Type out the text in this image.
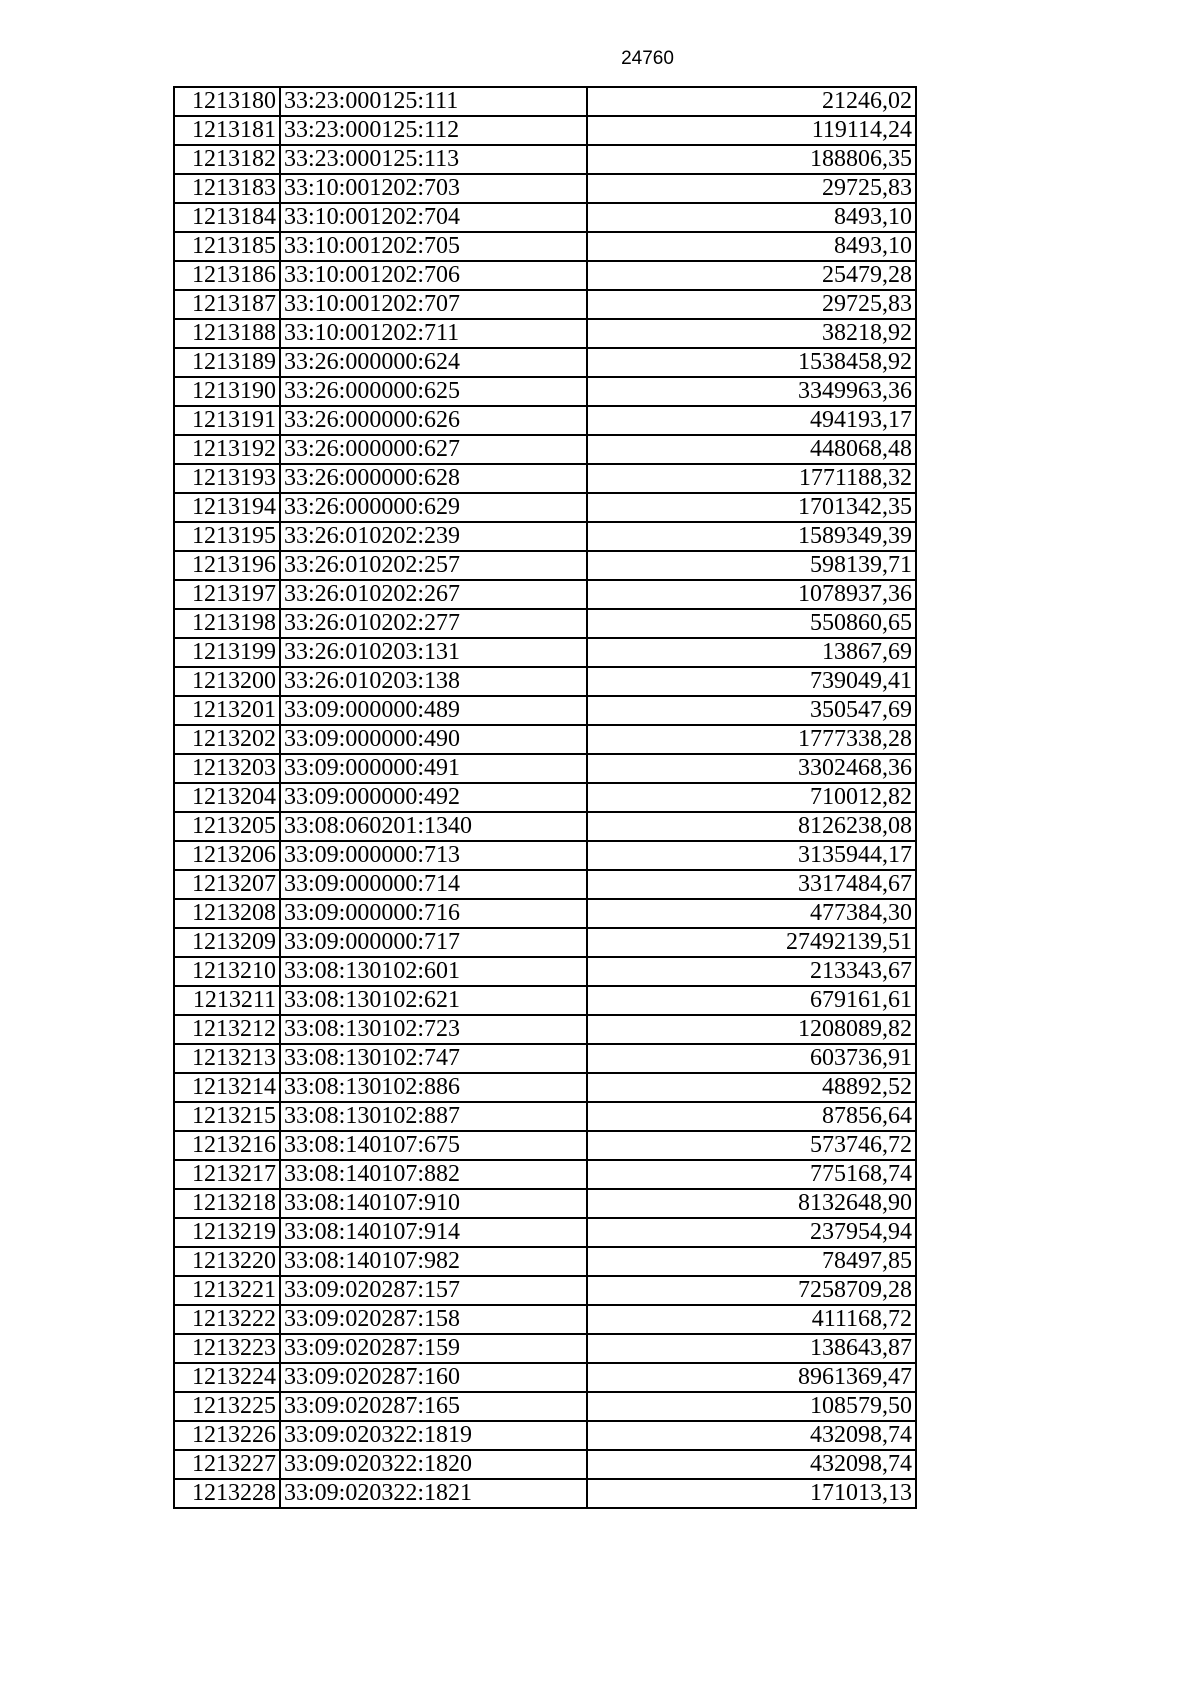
24760
1213180	33:23:000125:111	21246,02
1213181	33:23:000125:112	119114,24
1213182	33:23:000125:113	188806,35
1213183	33:10:001202:703	29725,83
1213184	33:10:001202:704	8493,10
1213185	33:10:001202:705	8493,10
1213186	33:10:001202:706	25479,28
1213187	33:10:001202:707	29725,83
1213188	33:10:001202:711	38218,92
1213189	33:26:000000:624	1538458,92
1213190	33:26:000000:625	3349963,36
1213191	33:26:000000:626	494193,17
1213192	33:26:000000:627	448068,48
1213193	33:26:000000:628	1771188,32
1213194	33:26:000000:629	1701342,35
1213195	33:26:010202:239	1589349,39
1213196	33:26:010202:257	598139,71
1213197	33:26:010202:267	1078937,36
1213198	33:26:010202:277	550860,65
1213199	33:26:010203:131	13867,69
1213200	33:26:010203:138	739049,41
1213201	33:09:000000:489	350547,69
1213202	33:09:000000:490	1777338,28
1213203	33:09:000000:491	3302468,36
1213204	33:09:000000:492	710012,82
1213205	33:08:060201:1340	8126238,08
1213206	33:09:000000:713	3135944,17
1213207	33:09:000000:714	3317484,67
1213208	33:09:000000:716	477384,30
1213209	33:09:000000:717	27492139,51
1213210	33:08:130102:601	213343,67
1213211	33:08:130102:621	679161,61
1213212	33:08:130102:723	1208089,82
1213213	33:08:130102:747	603736,91
1213214	33:08:130102:886	48892,52
1213215	33:08:130102:887	87856,64
1213216	33:08:140107:675	573746,72
1213217	33:08:140107:882	775168,74
1213218	33:08:140107:910	8132648,90
1213219	33:08:140107:914	237954,94
1213220	33:08:140107:982	78497,85
1213221	33:09:020287:157	7258709,28
1213222	33:09:020287:158	411168,72
1213223	33:09:020287:159	138643,87
1213224	33:09:020287:160	8961369,47
1213225	33:09:020287:165	108579,50
1213226	33:09:020322:1819	432098,74
1213227	33:09:020322:1820	432098,74
1213228	33:09:020322:1821	171013,13
